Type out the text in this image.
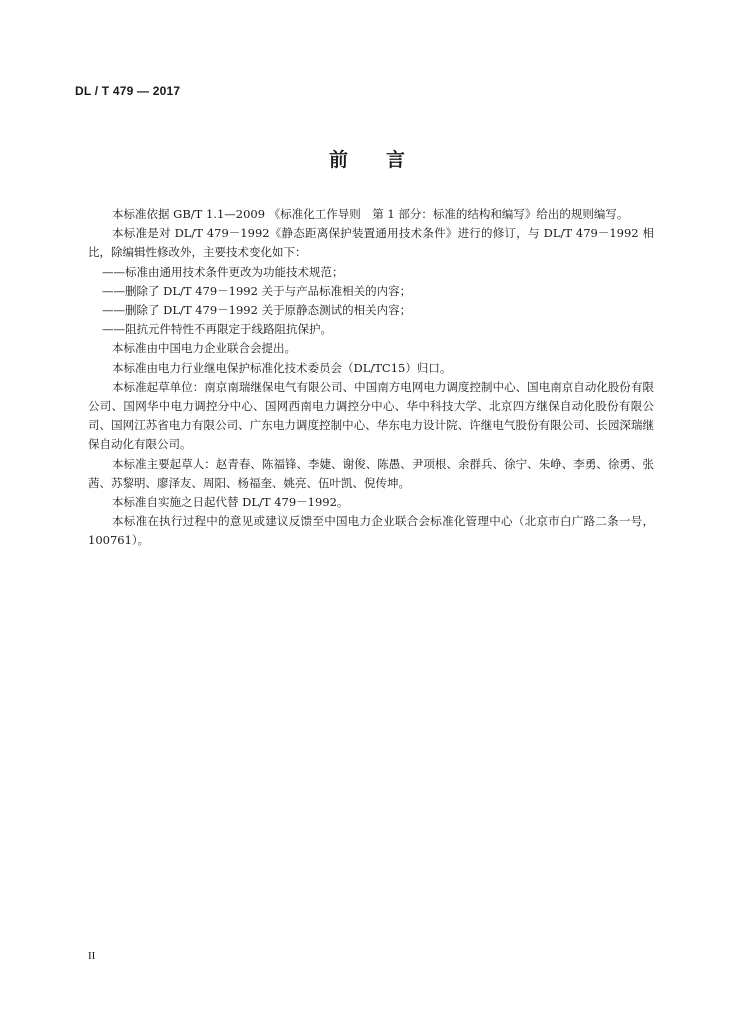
DL / T 479 — 2017
前言

本标准依据 GB/T 1.1—2009 《标准化工作导则　第 1 部分：标准的结构和编写》给出的规则编写。

本标准是对 DL/T 479－1992《静态距离保护装置通用技术条件》进行的修订，与 DL/T 479－1992 相比，除编辑性修改外，主要技术变化如下：

——标准由通用技术条件更改为功能技术规范；

——删除了 DL/T 479－1992 关于与产品标准相关的内容；

——删除了 DL/T 479－1992 关于原静态测试的相关内容；

——阻抗元件特性不再限定于线路阻抗保护。

本标准由中国电力企业联合会提出。

本标准由电力行业继电保护标准化技术委员会（DL/TC15）归口。

本标准起草单位：南京南瑞继保电气有限公司、中国南方电网电力调度控制中心、国电南京自动化股份有限公司、国网华中电力调控分中心、国网西南电力调控分中心、华中科技大学、北京四方继保自动化股份有限公司、国网江苏省电力有限公司、广东电力调度控制中心、华东电力设计院、许继电气股份有限公司、长园深瑞继保自动化有限公司。

本标准主要起草人：赵青春、陈福锋、李婕、谢俊、陈愚、尹项根、余群兵、徐宁、朱峥、李勇、徐勇、张茜、苏黎明、廖泽友、周阳、杨福奎、姚亮、伍叶凯、倪传坤。

本标准自实施之日起代替 DL/T 479－1992。

本标准在执行过程中的意见或建议反馈至中国电力企业联合会标准化管理中心（北京市白广路二条一号，100761）。

II
